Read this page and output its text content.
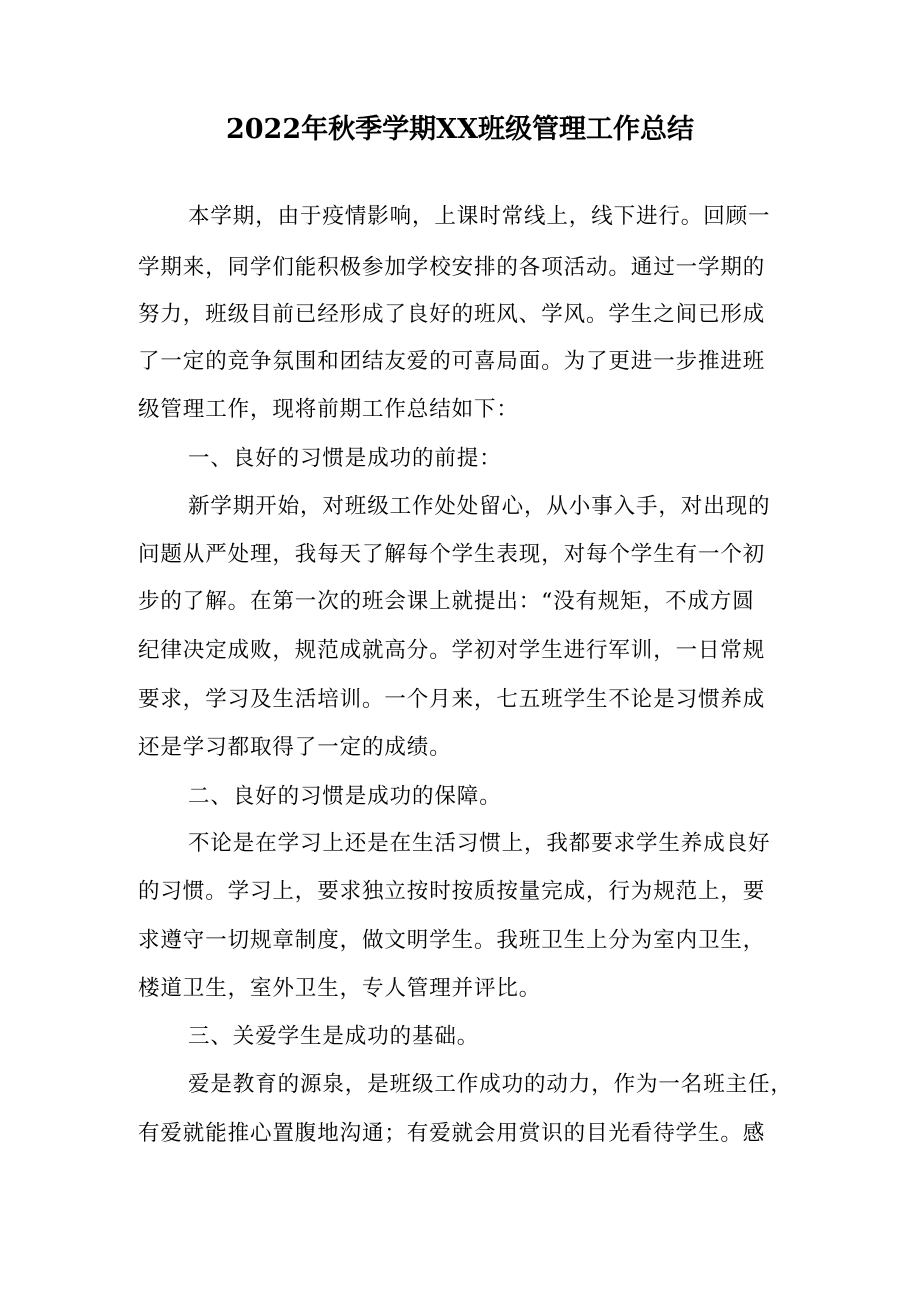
2022年秋季学期XX班级管理工作总结

本学期，由于疫情影响，上课时常线上，线下进行。回顾一

学期来，同学们能积极参加学校安排的各项活动。通过一学期的

努力，班级目前已经形成了良好的班风、学风。学生之间已形成

了一定的竞争氛围和团结友爱的可喜局面。为了更进一步推进班

级管理工作，现将前期工作总结如下：

一、良好的习惯是成功的前提：

新学期开始，对班级工作处处留心，从小事入手，对出现的

问题从严处理，我每天了解每个学生表现，对每个学生有一个初

步的了解。在第一次的班会课上就提出：“没有规矩，不成方圆

纪律决定成败，规范成就高分。学初对学生进行军训，一日常规

要求，学习及生活培训。一个月来，七五班学生不论是习惯养成

还是学习都取得了一定的成绩。

二、良好的习惯是成功的保障。

不论是在学习上还是在生活习惯上，我都要求学生养成良好

的习惯。学习上，要求独立按时按质按量完成，行为规范上，要

求遵守一切规章制度，做文明学生。我班卫生上分为室内卫生，

楼道卫生，室外卫生，专人管理并评比。

三、关爱学生是成功的基础。

爱是教育的源泉，是班级工作成功的动力，作为一名班主任，

有爱就能推心置腹地沟通；有爱就会用赏识的目光看待学生。感
